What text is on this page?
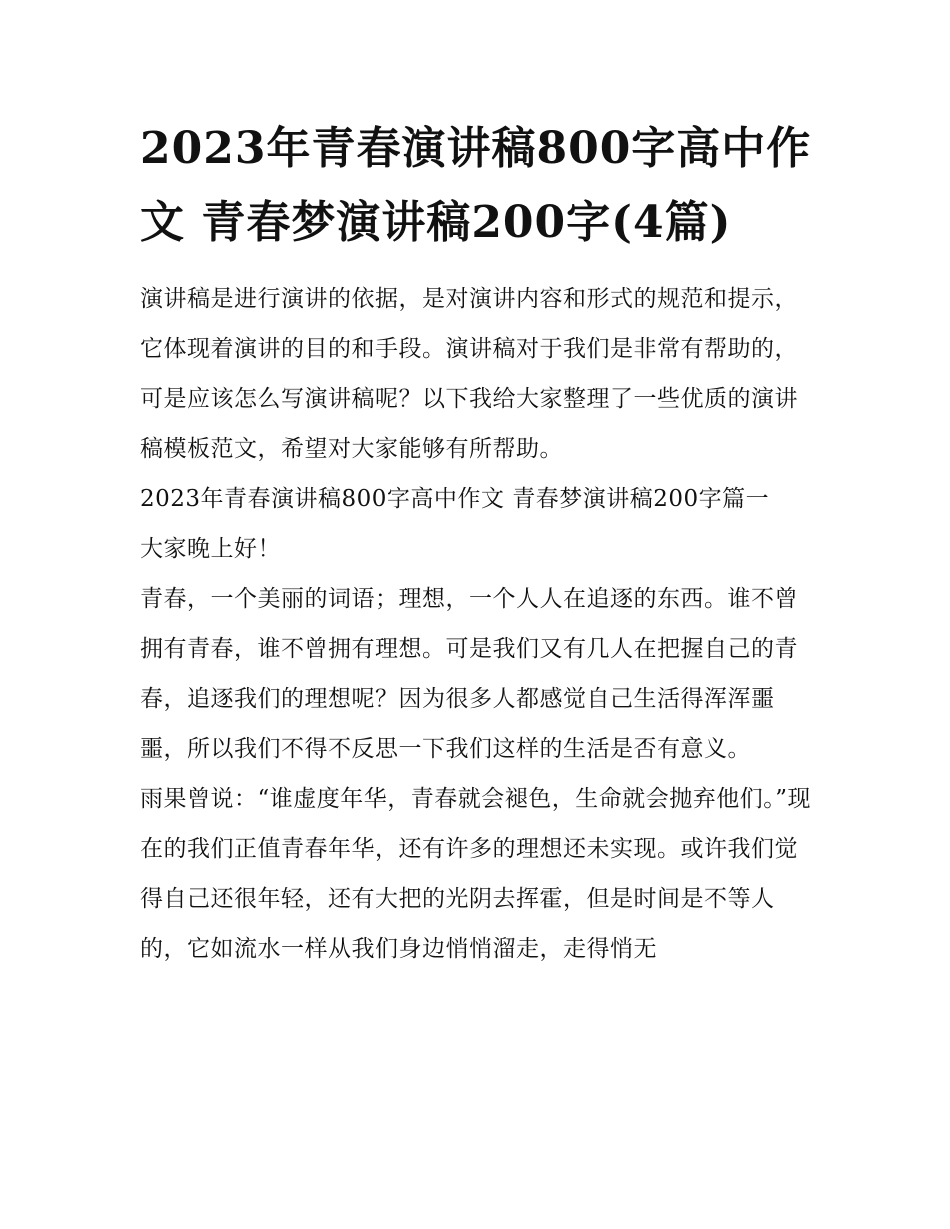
2023年青春演讲稿800字高中作文 青春梦演讲稿200字(4篇)

演讲稿是进行演讲的依据，是对演讲内容和形式的规范和提示，它体现着演讲的目的和手段。演讲稿对于我们是非常有帮助的，可是应该怎么写演讲稿呢？以下我给大家整理了一些优质的演讲稿模板范文，希望对大家能够有所帮助。

2023年青春演讲稿800字高中作文 青春梦演讲稿200字篇一

大家晚上好！

青春，一个美丽的词语；理想，一个人人在追逐的东西。谁不曾拥有青春，谁不曾拥有理想。可是我们又有几人在把握自己的青春，追逐我们的理想呢？因为很多人都感觉自己生活得浑浑噩噩，所以我们不得不反思一下我们这样的生活是否有意义。

雨果曾说：“谁虚度年华，青春就会褪色，生命就会抛弃他们。”现在的我们正值青春年华，还有许多的理想还未实现。或许我们觉得自己还很年轻，还有大把的光阴去挥霍，但是时间是不等人的，它如流水一样从我们身边悄悄溜走，走得悄无
